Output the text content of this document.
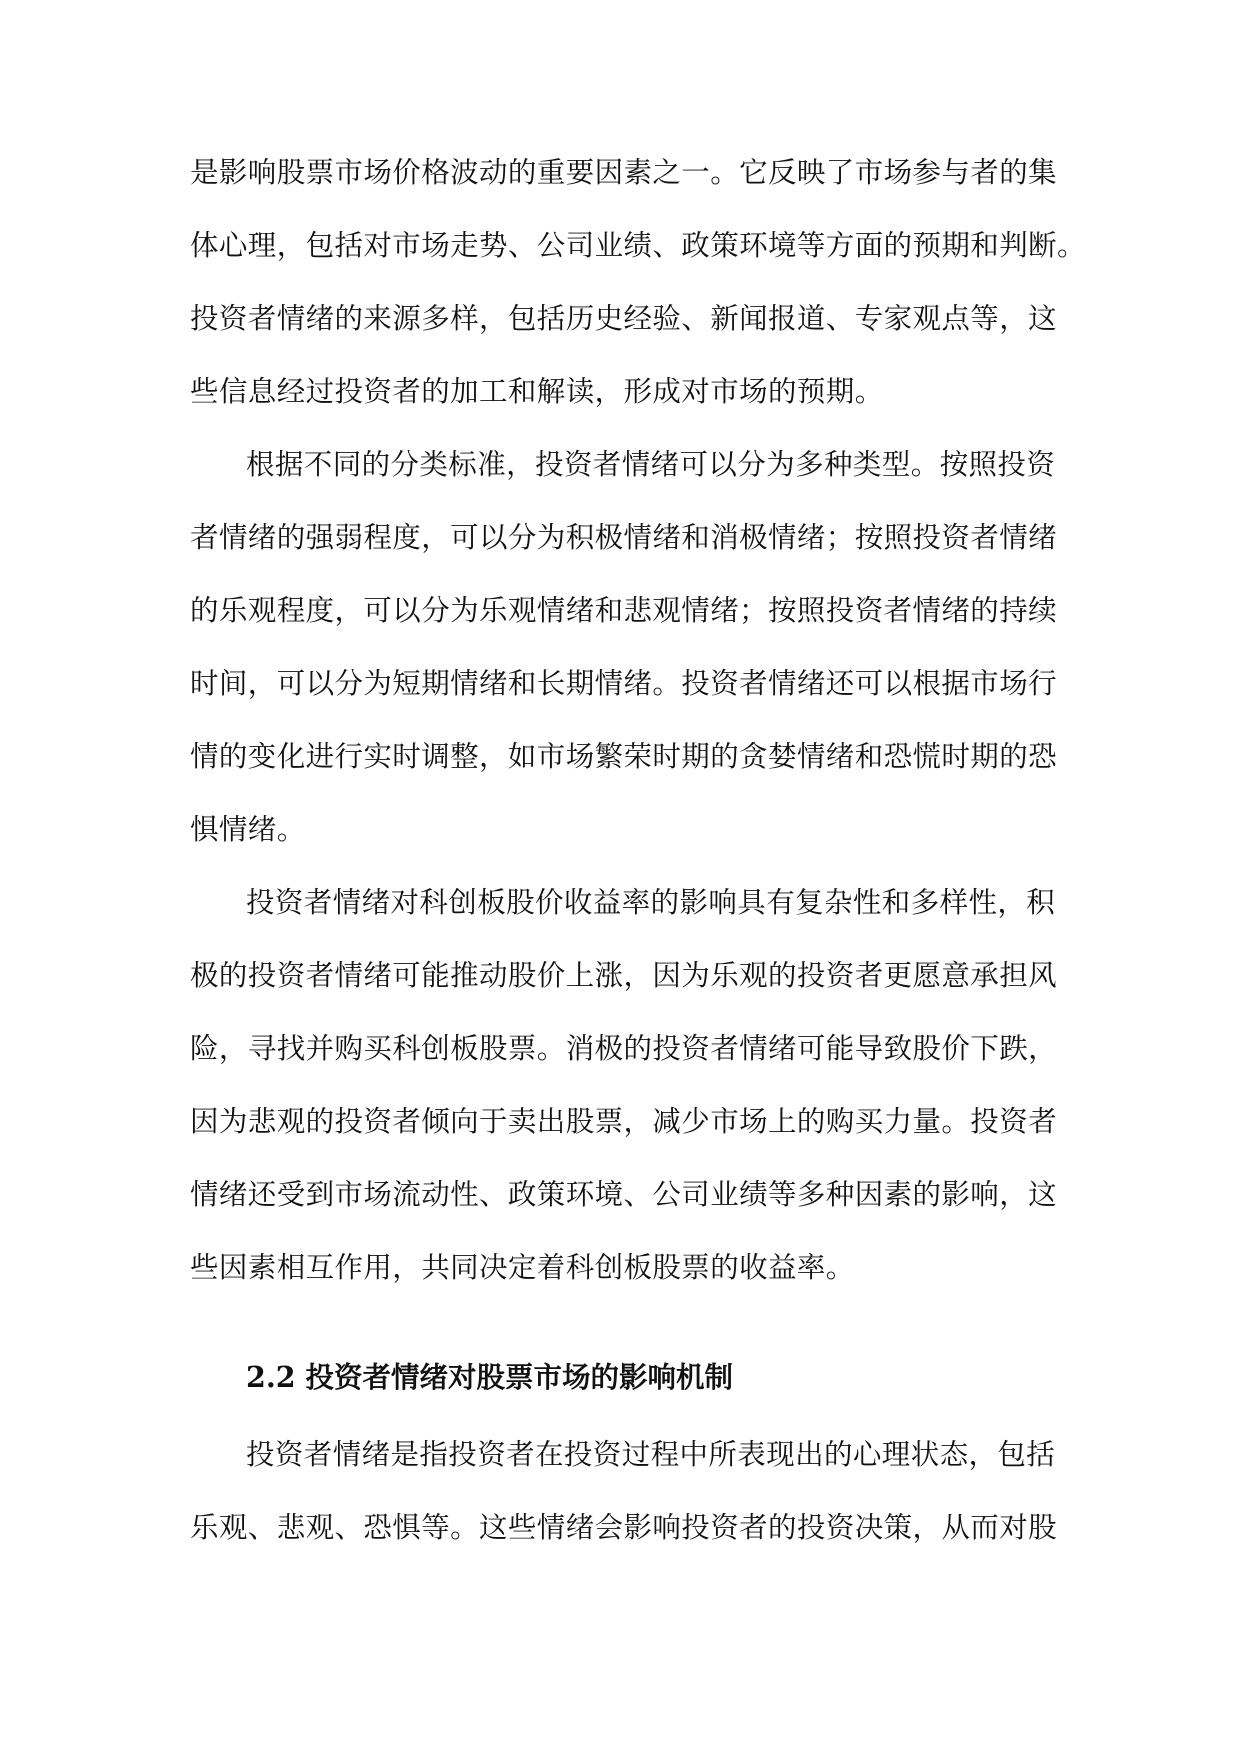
是影响股票市场价格波动的重要因素之一。它反映了市场参与者的集
体心理，包括对市场走势、公司业绩、政策环境等方面的预期和判断。
投资者情绪的来源多样，包括历史经验、新闻报道、专家观点等，这
些信息经过投资者的加工和解读，形成对市场的预期。
根据不同的分类标准，投资者情绪可以分为多种类型。按照投资
者情绪的强弱程度，可以分为积极情绪和消极情绪；按照投资者情绪
的乐观程度，可以分为乐观情绪和悲观情绪；按照投资者情绪的持续
时间，可以分为短期情绪和长期情绪。投资者情绪还可以根据市场行
情的变化进行实时调整，如市场繁荣时期的贪婪情绪和恐慌时期的恐
惧情绪。
投资者情绪对科创板股价收益率的影响具有复杂性和多样性，积
极的投资者情绪可能推动股价上涨，因为乐观的投资者更愿意承担风
险，寻找并购买科创板股票。消极的投资者情绪可能导致股价下跌，
因为悲观的投资者倾向于卖出股票，减少市场上的购买力量。投资者
情绪还受到市场流动性、政策环境、公司业绩等多种因素的影响，这
些因素相互作用，共同决定着科创板股票的收益率。
2.2 投资者情绪对股票市场的影响机制
投资者情绪是指投资者在投资过程中所表现出的心理状态，包括
乐观、悲观、恐惧等。这些情绪会影响投资者的投资决策，从而对股
